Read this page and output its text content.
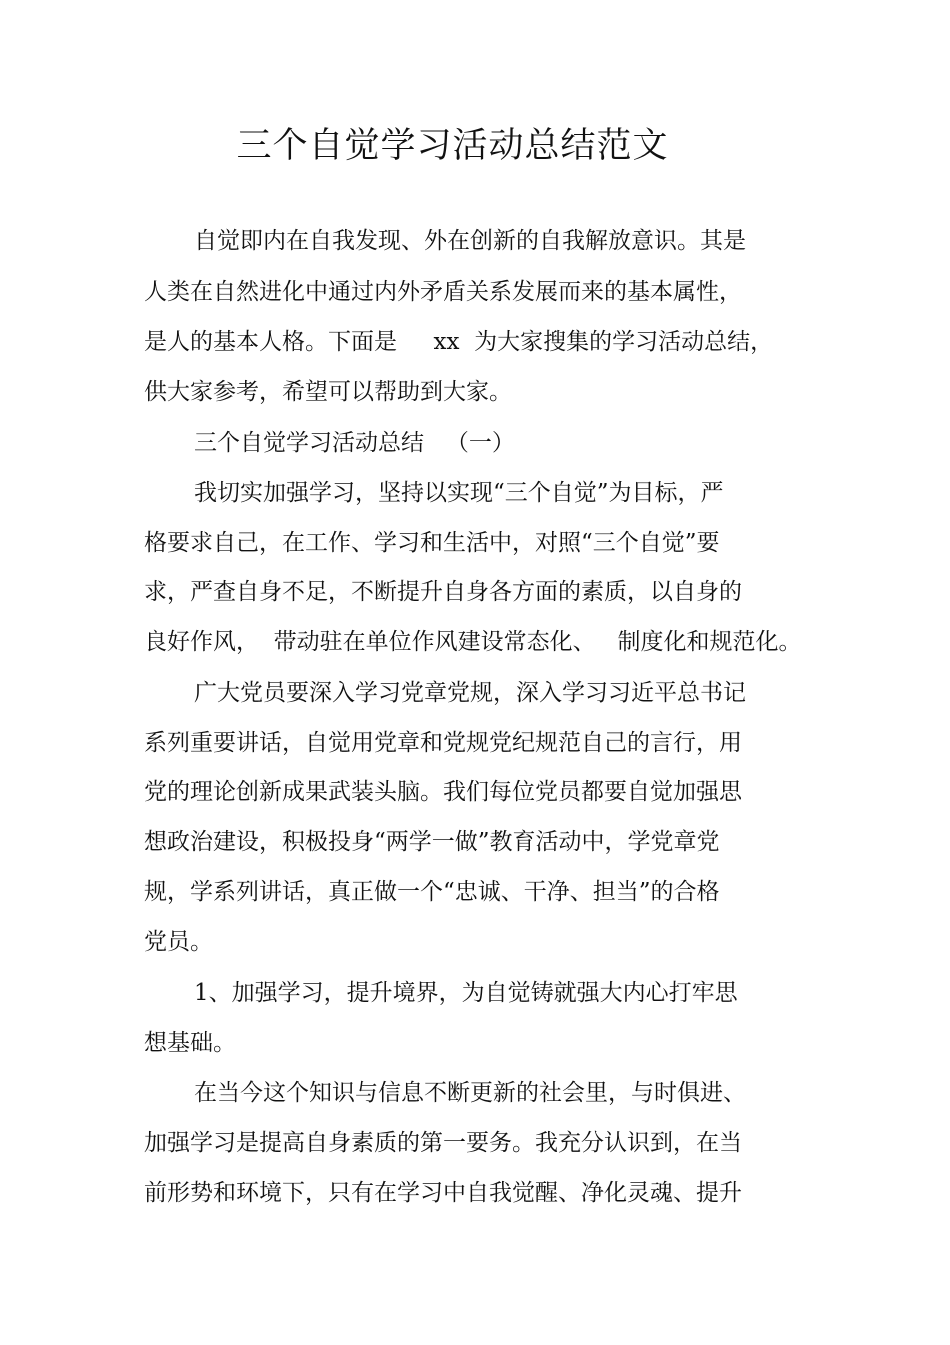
三个自觉学习活动总结范文
自觉即内在自我发现、外在创新的自我解放意识。其是
人类在自然进化中通过内外矛盾关系发展而来的基本属性，
是人的基本人格。下面是     xx  为大家搜集的学习活动总结，
供大家参考，希望可以帮助到大家。
三个自觉学习活动总结   （一）
我切实加强学习，坚持以实现“三个自觉”为目标，严
格要求自己，在工作、学习和生活中，对照“三个自觉”要
求，严查自身不足，不断提升自身各方面的素质，以自身的
良好作风，  带动驻在单位作风建设常态化、   制度化和规范化。
广大党员要深入学习党章党规，深入学习习近平总书记
系列重要讲话，自觉用党章和党规党纪规范自己的言行，用
党的理论创新成果武装头脑。我们每位党员都要自觉加强思
想政治建设，积极投身“两学一做”教育活动中，学党章党
规，学系列讲话，真正做一个“忠诚、干净、担当”的合格
党员。
1、加强学习，提升境界，为自觉铸就强大内心打牢思
想基础。
在当今这个知识与信息不断更新的社会里，与时俱进、
加强学习是提高自身素质的第一要务。我充分认识到，在当
前形势和环境下，只有在学习中自我觉醒、净化灵魂、提升
